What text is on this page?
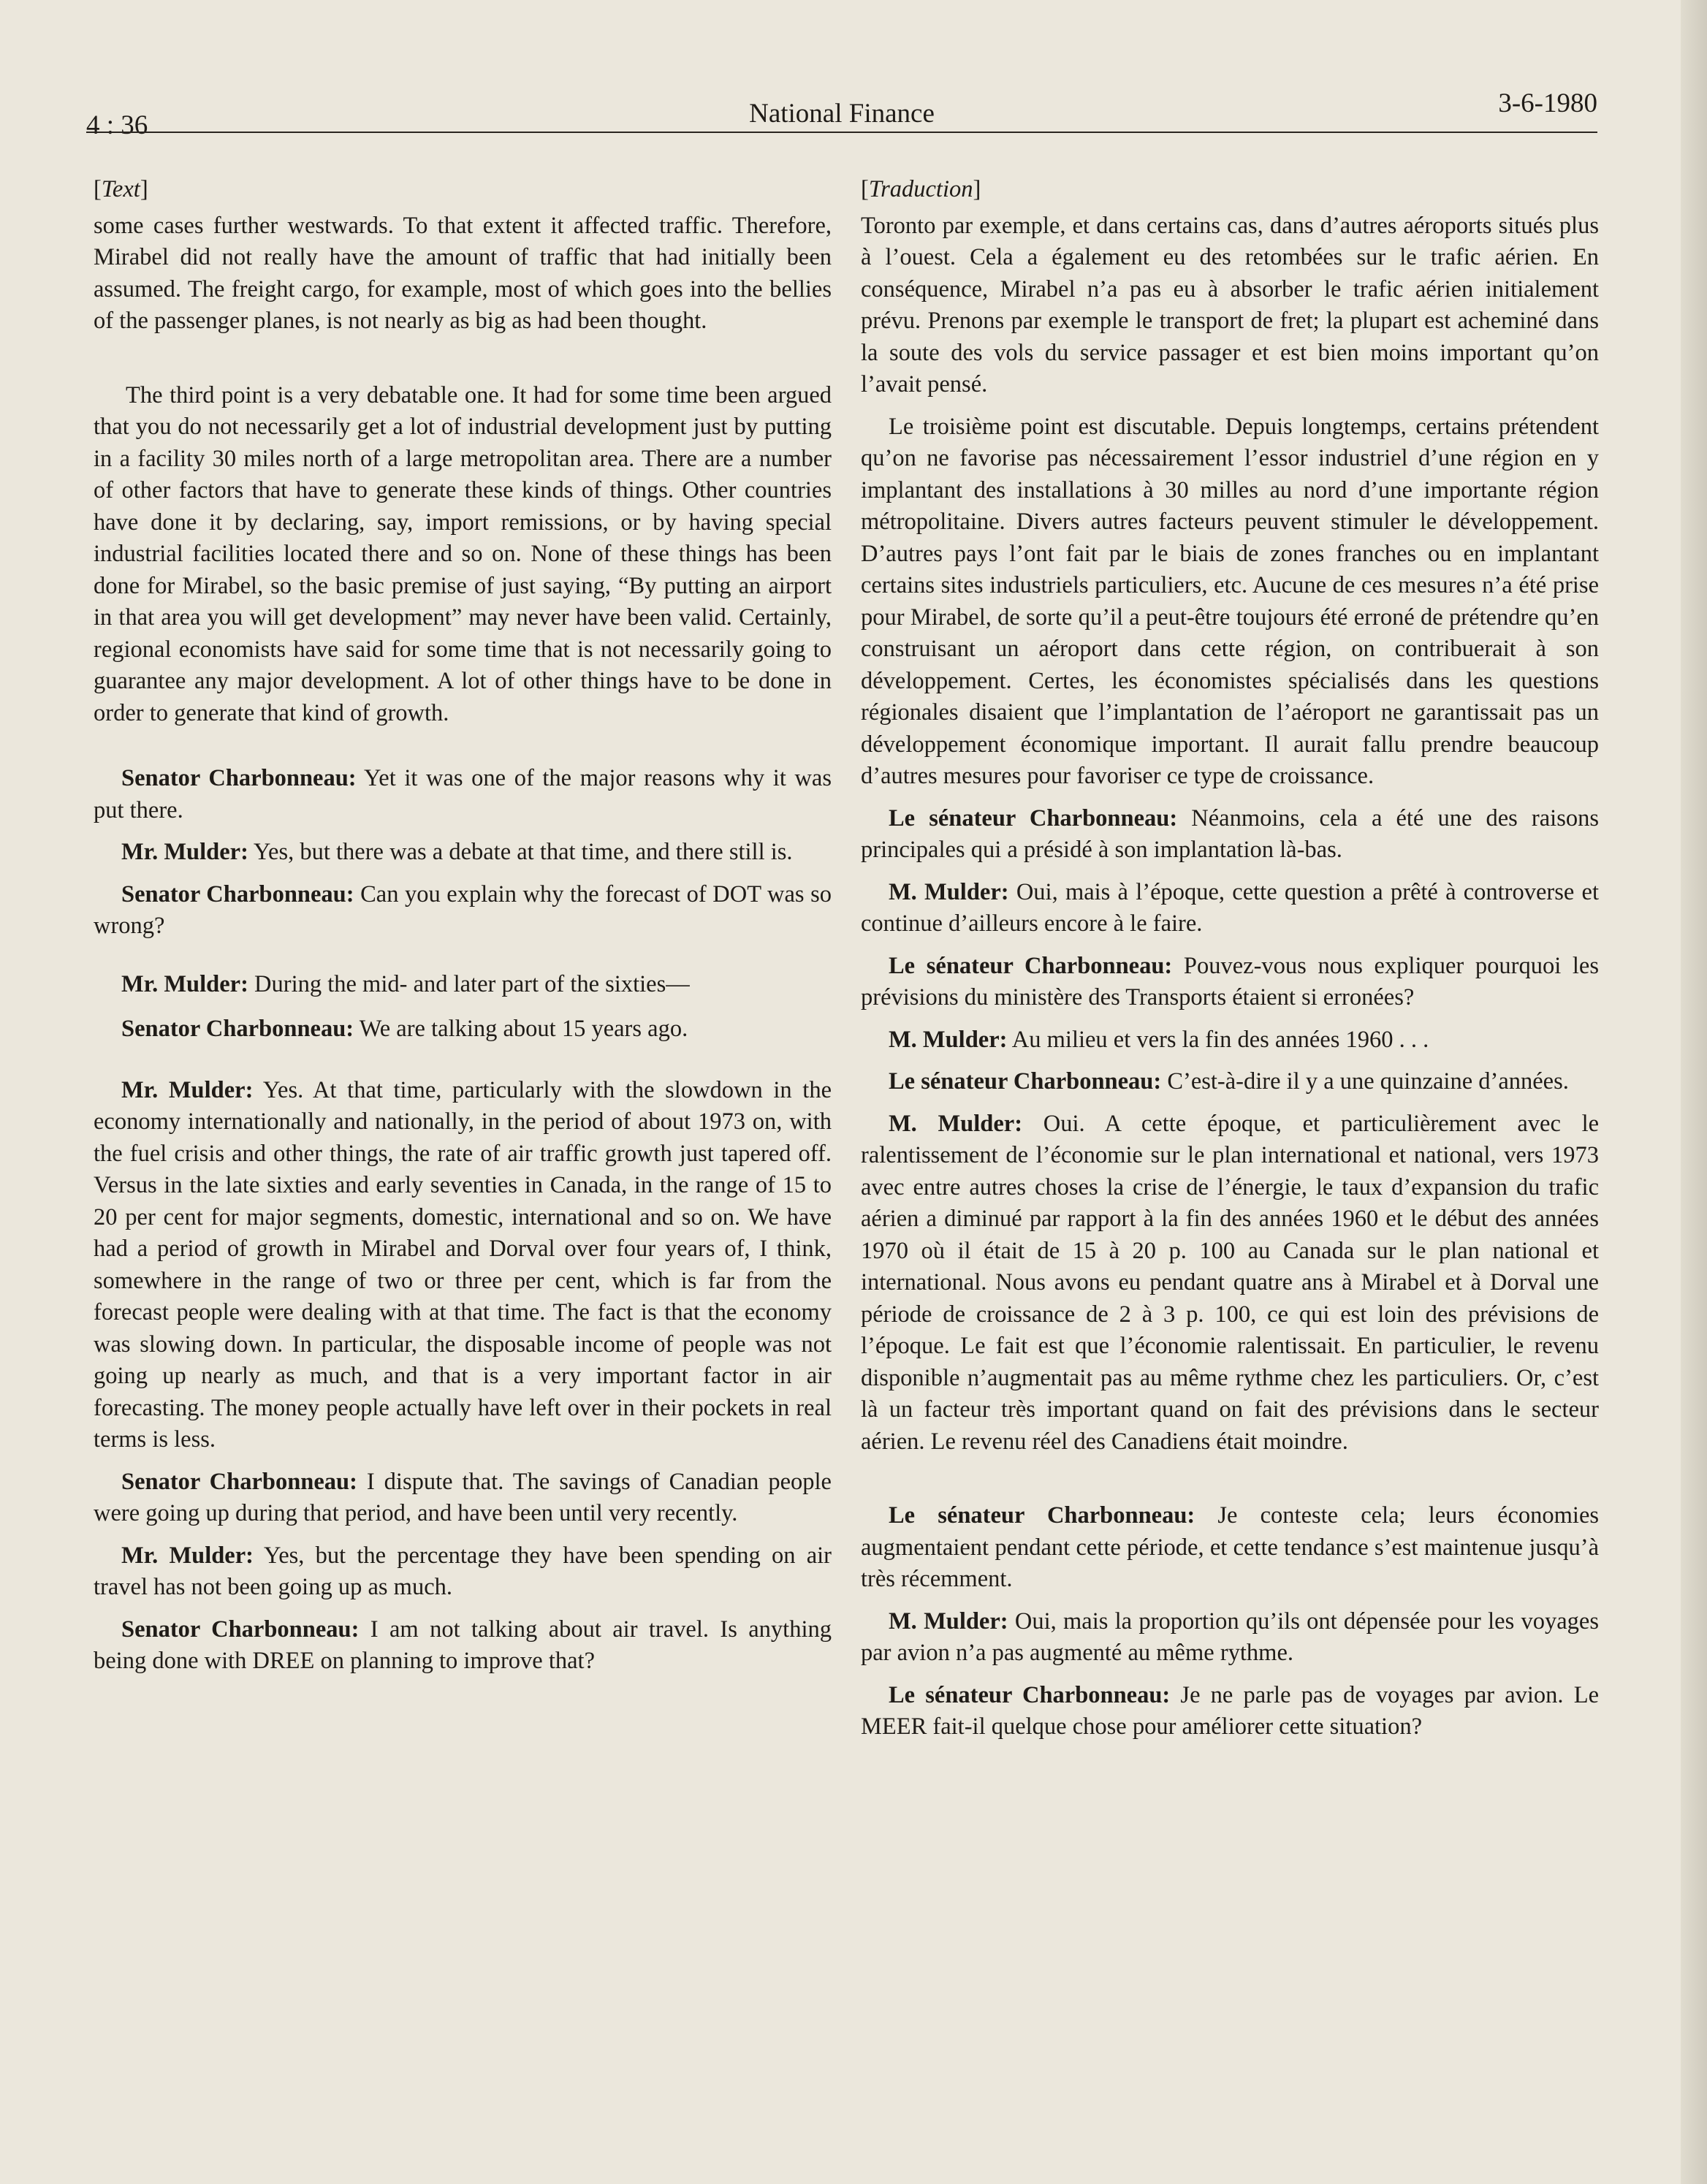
4 : 36	National Finance	3-6-1980

[Text]

some cases further westwards. To that extent it affected traffic. Therefore, Mirabel did not really have the amount of traffic that had initially been assumed. The freight cargo, for example, most of which goes into the bellies of the passenger planes, is not nearly as big as had been thought.

The third point is a very debatable one. It had for some time been argued that you do not necessarily get a lot of industrial development just by putting in a facility 30 miles north of a large metropolitan area. There are a number of other factors that have to generate these kinds of things. Other countries have done it by declaring, say, import remissions, or by having special industrial facilities located there and so on. None of these things has been done for Mirabel, so the basic premise of just saying, “By putting an airport in that area you will get development” may never have been valid. Certainly, regional economists have said for some time that is not necessarily going to guarantee any major development. A lot of other things have to be done in order to generate that kind of growth.

Senator Charbonneau: Yet it was one of the major reasons why it was put there.

Mr. Mulder: Yes, but there was a debate at that time, and there still is.

Senator Charbonneau: Can you explain why the forecast of DOT was so wrong?

Mr. Mulder: During the mid- and later part of the sixties—

Senator Charbonneau: We are talking about 15 years ago.

Mr. Mulder: Yes. At that time, particularly with the slowdown in the economy internationally and nationally, in the period of about 1973 on, with the fuel crisis and other things, the rate of air traffic growth just tapered off. Versus in the late sixties and early seventies in Canada, in the range of 15 to 20 per cent for major segments, domestic, international and so on. We have had a period of growth in Mirabel and Dorval over four years of, I think, somewhere in the range of two or three per cent, which is far from the forecast people were dealing with at that time. The fact is that the economy was slowing down. In particular, the disposable income of people was not going up nearly as much, and that is a very important factor in air forecasting. The money people actually have left over in their pockets in real terms is less.

Senator Charbonneau: I dispute that. The savings of Canadian people were going up during that period, and have been until very recently.

Mr. Mulder: Yes, but the percentage they have been spending on air travel has not been going up as much.

Senator Charbonneau: I am not talking about air travel. Is anything being done with DREE on planning to improve that?

[Traduction]

Toronto par exemple, et dans certains cas, dans d’autres aéroports situés plus à l’ouest. Cela a également eu des retombées sur le trafic aérien. En conséquence, Mirabel n’a pas eu à absorber le trafic aérien initialement prévu. Prenons par exemple le transport de fret; la plupart est acheminé dans la soute des vols du service passager et est bien moins important qu’on l’avait pensé.

Le troisième point est discutable. Depuis longtemps, certains prétendent qu’on ne favorise pas nécessairement l’essor industriel d’une région en y implantant des installations à 30 milles au nord d’une importante région métropolitaine. Divers autres facteurs peuvent stimuler le développement. D’autres pays l’ont fait par le biais de zones franches ou en implantant certains sites industriels particuliers, etc. Aucune de ces mesures n’a été prise pour Mirabel, de sorte qu’il a peut-être toujours été erroné de prétendre qu’en construisant un aéroport dans cette région, on contribuerait à son développement. Certes, les économistes spécialisés dans les questions régionales disaient que l’implantation de l’aéroport ne garantissait pas un développement économique important. Il aurait fallu prendre beaucoup d’autres mesures pour favoriser ce type de croissance.

Le sénateur Charbonneau: Néanmoins, cela a été une des raisons principales qui a présidé à son implantation là-bas.

M. Mulder: Oui, mais à l’époque, cette question a prêté à controverse et continue d’ailleurs encore à le faire.

Le sénateur Charbonneau: Pouvez-vous nous expliquer pourquoi les prévisions du ministère des Transports étaient si erronées?

M. Mulder: Au milieu et vers la fin des années 1960 . . .

Le sénateur Charbonneau: C’est-à-dire il y a une quinzaine d’années.

M. Mulder: Oui. A cette époque, et particulièrement avec le ralentissement de l’économie sur le plan international et national, vers 1973 avec entre autres choses la crise de l’énergie, le taux d’expansion du trafic aérien a diminué par rapport à la fin des années 1960 et le début des années 1970 où il était de 15 à 20 p. 100 au Canada sur le plan national et international. Nous avons eu pendant quatre ans à Mirabel et à Dorval une période de croissance de 2 à 3 p. 100, ce qui est loin des prévisions de l’époque. Le fait est que l’économie ralentissait. En particulier, le revenu disponible n’augmentait pas au même rythme chez les particuliers. Or, c’est là un facteur très important quand on fait des prévisions dans le secteur aérien. Le revenu réel des Canadiens était moindre.

Le sénateur Charbonneau: Je conteste cela; leurs économies augmentaient pendant cette période, et cette tendance s’est maintenue jusqu’à très récemment.

M. Mulder: Oui, mais la proportion qu’ils ont dépensée pour les voyages par avion n’a pas augmenté au même rythme.

Le sénateur Charbonneau: Je ne parle pas de voyages par avion. Le MEER fait-il quelque chose pour améliorer cette situation?
